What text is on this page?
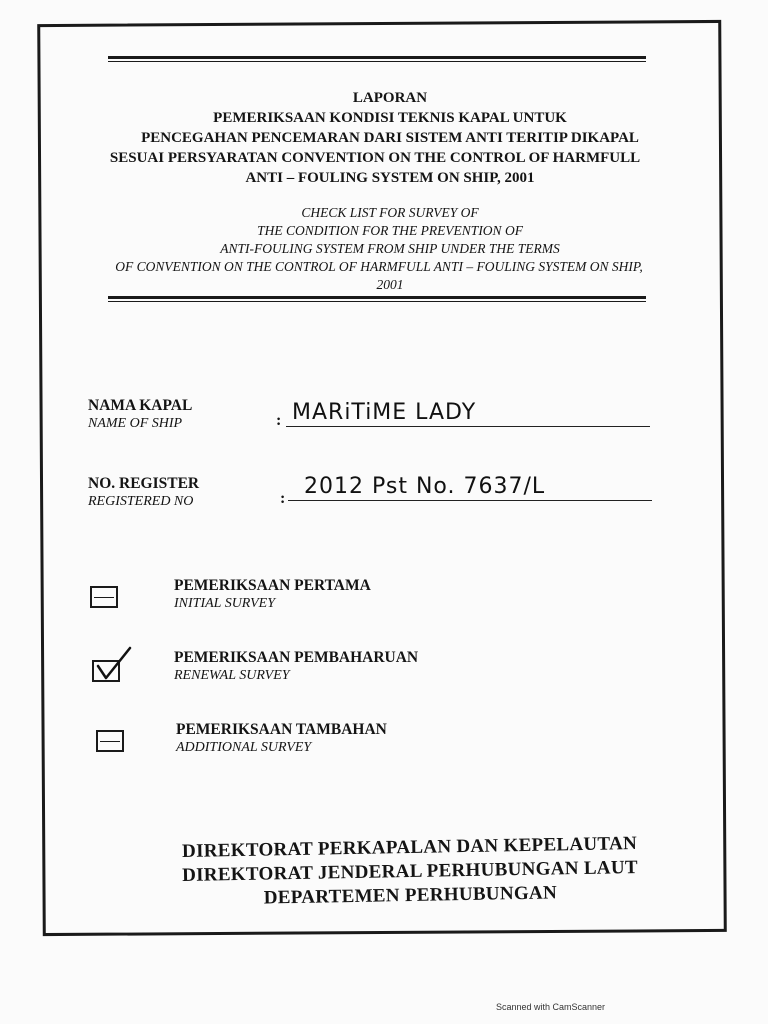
LAPORAN

PEMERIKSAAN KONDISI TEKNIS KAPAL UNTUK

PENCEGAHAN PENCEMARAN DARI SISTEM ANTI TERITIP DIKAPAL

SESUAI PERSYARATAN CONVENTION ON THE CONTROL OF HARMFULL

ANTI – FOULING SYSTEM ON SHIP, 2001

CHECK LIST FOR SURVEY OF

THE CONDITION FOR THE PREVENTION OF

ANTI-FOULING SYSTEM FROM SHIP UNDER THE TERMS

OF CONVENTION ON THE CONTROL OF HARMFULL ANTI – FOULING SYSTEM ON SHIP,

2001

NAMA KAPAL

NAME OF SHIP	: MARiTiME LADY

NO. REGISTER

REGISTERED NO	: 2012 Pst No. 7637/L

PEMERIKSAAN PERTAMA

INITIAL SURVEY

PEMERIKSAAN PEMBAHARUAN

RENEWAL SURVEY

PEMERIKSAAN TAMBAHAN

ADDITIONAL SURVEY

DIREKTORAT PERKAPALAN DAN KEPELAUTAN

DIREKTORAT JENDERAL PERHUBUNGAN LAUT

DEPARTEMEN PERHUBUNGAN

Scanned with CamScanner
